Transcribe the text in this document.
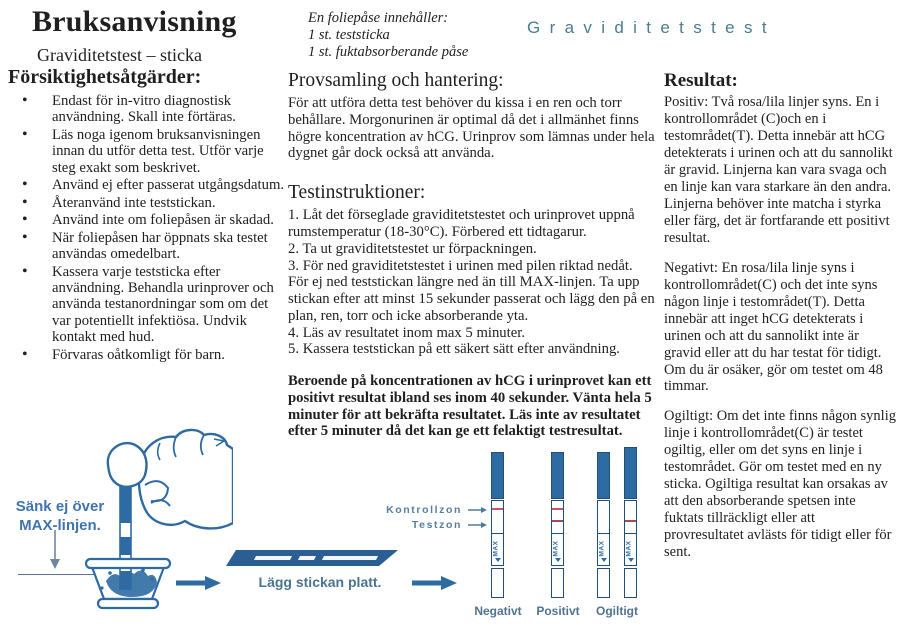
Bruksanvisning
Graviditetstest – sticka
Graviditetstest
En foliepåse innehåller:
1 st. teststicka
1 st. fuktabsorberande påse
Försiktighetsåtgärder:
• Endast för in-vitro diagnostisk användning. Skall inte förtäras.
• Läs noga igenom bruksanvisningen innan du utför detta test. Utför varje steg exakt som beskrivet.
• Använd ej efter passerat utgångsdatum.
• Återanvänd inte teststickan.
• Använd inte om foliepåsen är skadad.
• När foliepåsen har öppnats ska testet användas omedelbart.
• Kassera varje teststicka efter användning. Behandla urinprover och använda testanordningar som om det var potentiellt infektiösa. Undvik kontakt med hud.
• Förvaras oåtkomligt för barn.
Provsamling och hantering:

För att utföra detta test behöver du kissa i en ren och torr behållare. Morgonurinen är optimal då det i allmänhet finns högre koncentration av hCG. Urinprov som lämnas under hela dygnet går dock också att använda.

Testinstruktioner:

1. Låt det förseglade graviditetstestet och urinprovet uppnå rumstemperatur (18-30°C). Förbered ett tidtagarur.

2. Ta ut graviditetstestet ur förpackningen.

3. För ned graviditetstestet i urinen med pilen riktad nedåt. För ej ned teststickan längre ned än till MAX-linjen. Ta upp stickan efter att minst 15 sekunder passerat och lägg den på en plan, ren, torr och icke absorberande yta.

4. Läs av resultatet inom max 5 minuter.

5. Kassera teststickan på ett säkert sätt efter användning.

Beroende på koncentrationen av hCG i urinprovet kan ett positivt resultat ibland ses inom 40 sekunder. Vänta hela 5 minuter för att bekräfta resultatet. Läs inte av resultatet efter 5 minuter då det kan ge ett felaktigt testresultat.

Resultat:

Positiv: Två rosa/lila linjer syns. En i kontrollområdet (C)och en i testområdet(T). Detta innebär att hCG detekterats i urinen och att du sannolikt är gravid. Linjerna kan vara svaga och en linje kan vara starkare än den andra. Linjerna behöver inte matcha i styrka eller färg, det är fortfarande ett positivt resultat.

Negativt: En rosa/lila linje syns i kontrollområdet(C) och det inte syns någon linje i testområdet(T). Detta innebär att inget hCG detekterats i urinen och att du sannolikt inte är gravid eller att du har testat för tidigt. Om du är osäker, gör om testet om 48 timmar.

Ogiltigt: Om det inte finns någon synlig linje i kontrollområdet(C) är testet ogiltig, eller om det syns en linje i testområdet. Gör om testet med en ny sticka. Ogiltiga resultat kan orsakas av att den absorberande spetsen inte fuktats tillräckligt eller att provresultatet avlästs för tidigt eller för sent.

Sänk ej över
MAX-linjen.
Lägg stickan platt.
Kontrollzon
Testzon
MAX	MAX	MAX	MAX
Negativt Positivt Ogiltigt
